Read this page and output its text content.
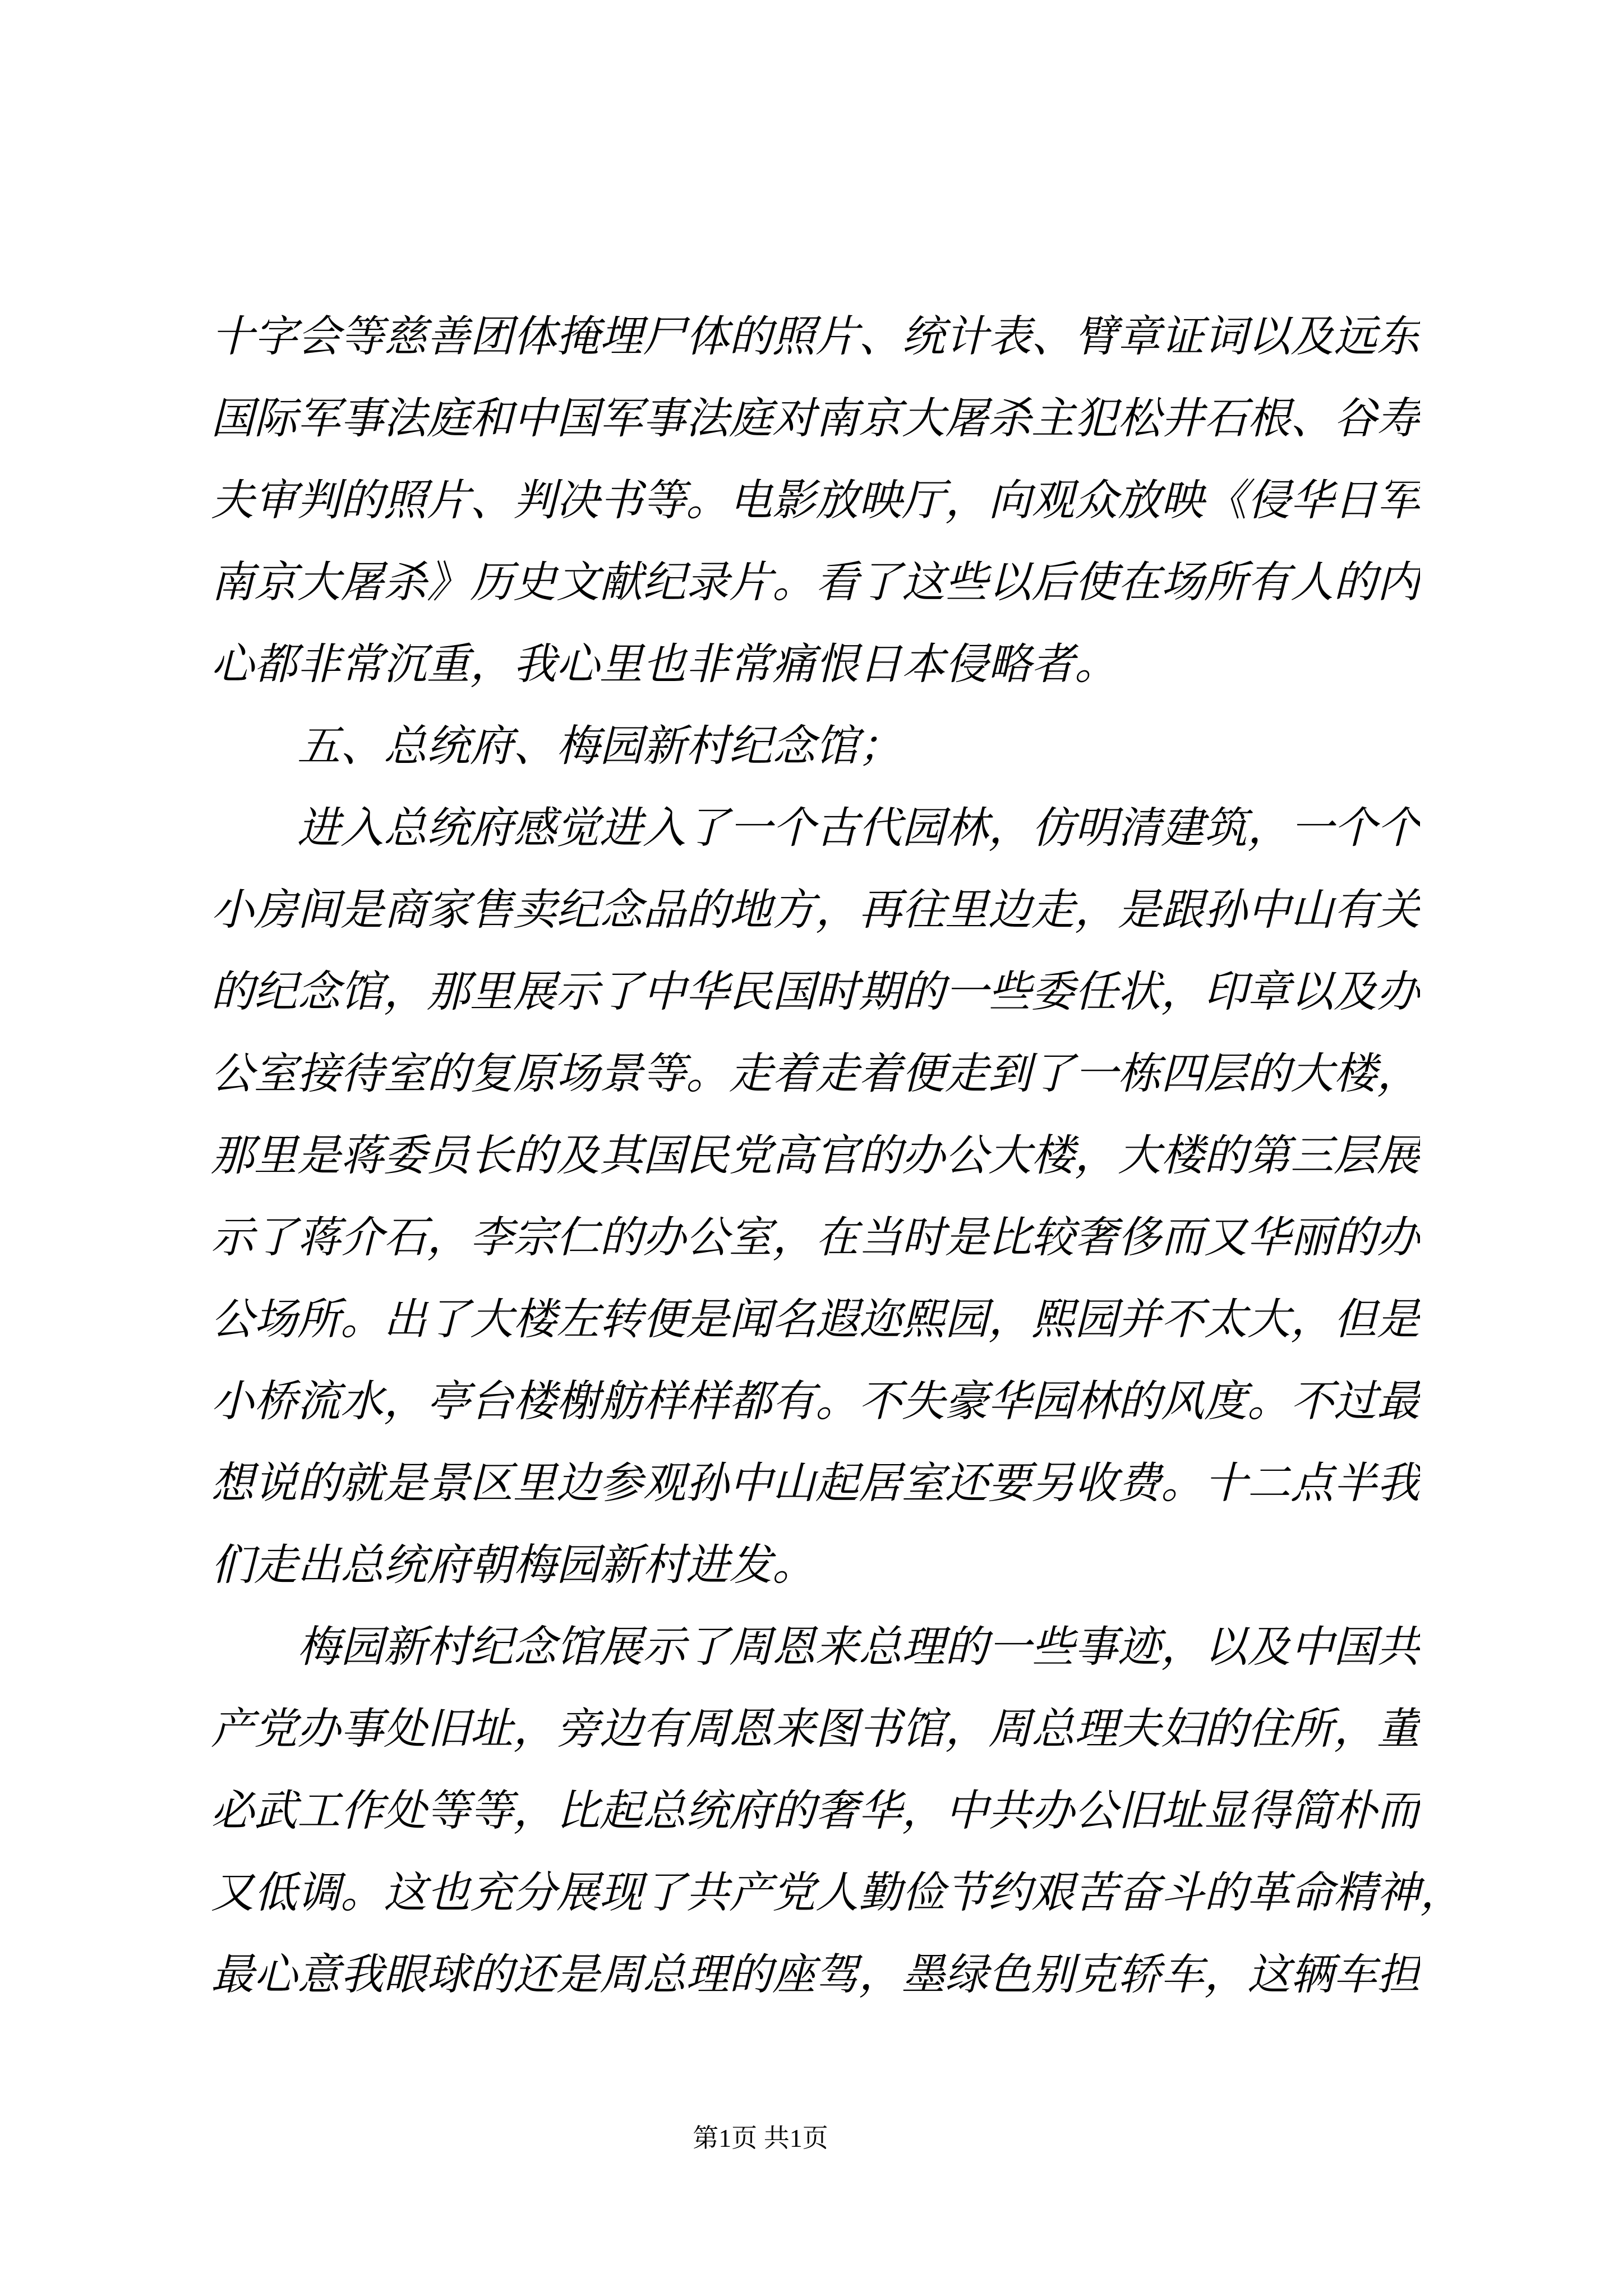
十字会等慈善团体掩埋尸体的照片、统计表、臂章证词以及远东
国际军事法庭和中国军事法庭对南京大屠杀主犯松井石根、谷寿
夫审判的照片、判决书等。电影放映厅，向观众放映《侵华日军
南京大屠杀》历史文献纪录片。看了这些以后使在场所有人的内
心都非常沉重，我心里也非常痛恨日本侵略者。
　　五、总统府、梅园新村纪念馆；
　　进入总统府感觉进入了一个古代园林，仿明清建筑，一个个
小房间是商家售卖纪念品的地方，再往里边走，是跟孙中山有关
的纪念馆，那里展示了中华民国时期的一些委任状，印章以及办
公室接待室的复原场景等。走着走着便走到了一栋四层的大楼，
那里是蒋委员长的及其国民党高官的办公大楼，大楼的第三层展
示了蒋介石，李宗仁的办公室，在当时是比较奢侈而又华丽的办
公场所。出了大楼左转便是闻名遐迩熙园，熙园并不太大，但是
小桥流水，亭台楼榭舫样样都有。不失豪华园林的风度。不过最
想说的就是景区里边参观孙中山起居室还要另收费。十二点半我
们走出总统府朝梅园新村进发。
　　梅园新村纪念馆展示了周恩来总理的一些事迹，以及中国共
产党办事处旧址，旁边有周恩来图书馆，周总理夫妇的住所，董
必武工作处等等，比起总统府的奢华，中共办公旧址显得简朴而
又低调。这也充分展现了共产党人勤俭节约艰苦奋斗的革命精神，
最心意我眼球的还是周总理的座驾，墨绿色别克轿车，这辆车担
第1页 共1页
